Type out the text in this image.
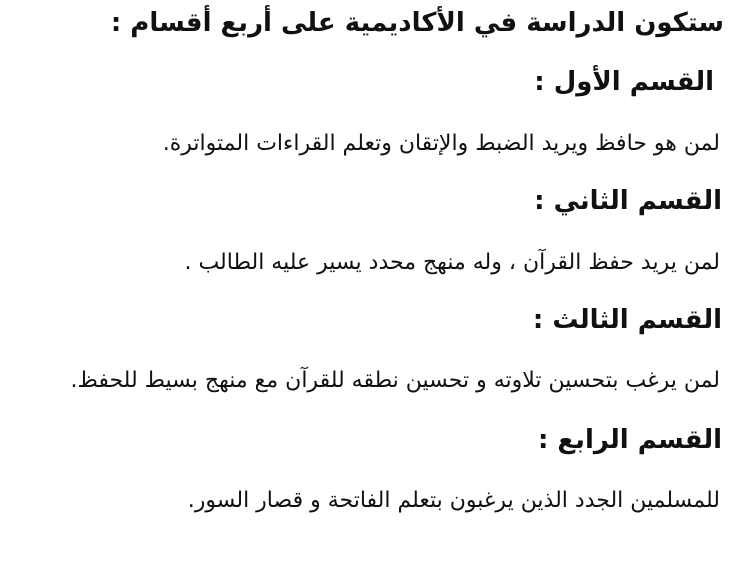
ستكون الدراسة في الأكاديمية على أربع أقسام :
القسم الأول :
لمن هو حافظ ويريد الضبط والإتقان وتعلم القراءات المتواترة.
القسم الثاني :
لمن يريد حفظ القرآن ، وله منهج محدد يسير عليه الطالب .
القسم الثالث :
لمن يرغب بتحسين تلاوته و تحسين نطقه للقرآن مع منهج بسيط للحفظ.
القسم الرابع :
للمسلمين الجدد الذين يرغبون بتعلم الفاتحة و قصار السور.
